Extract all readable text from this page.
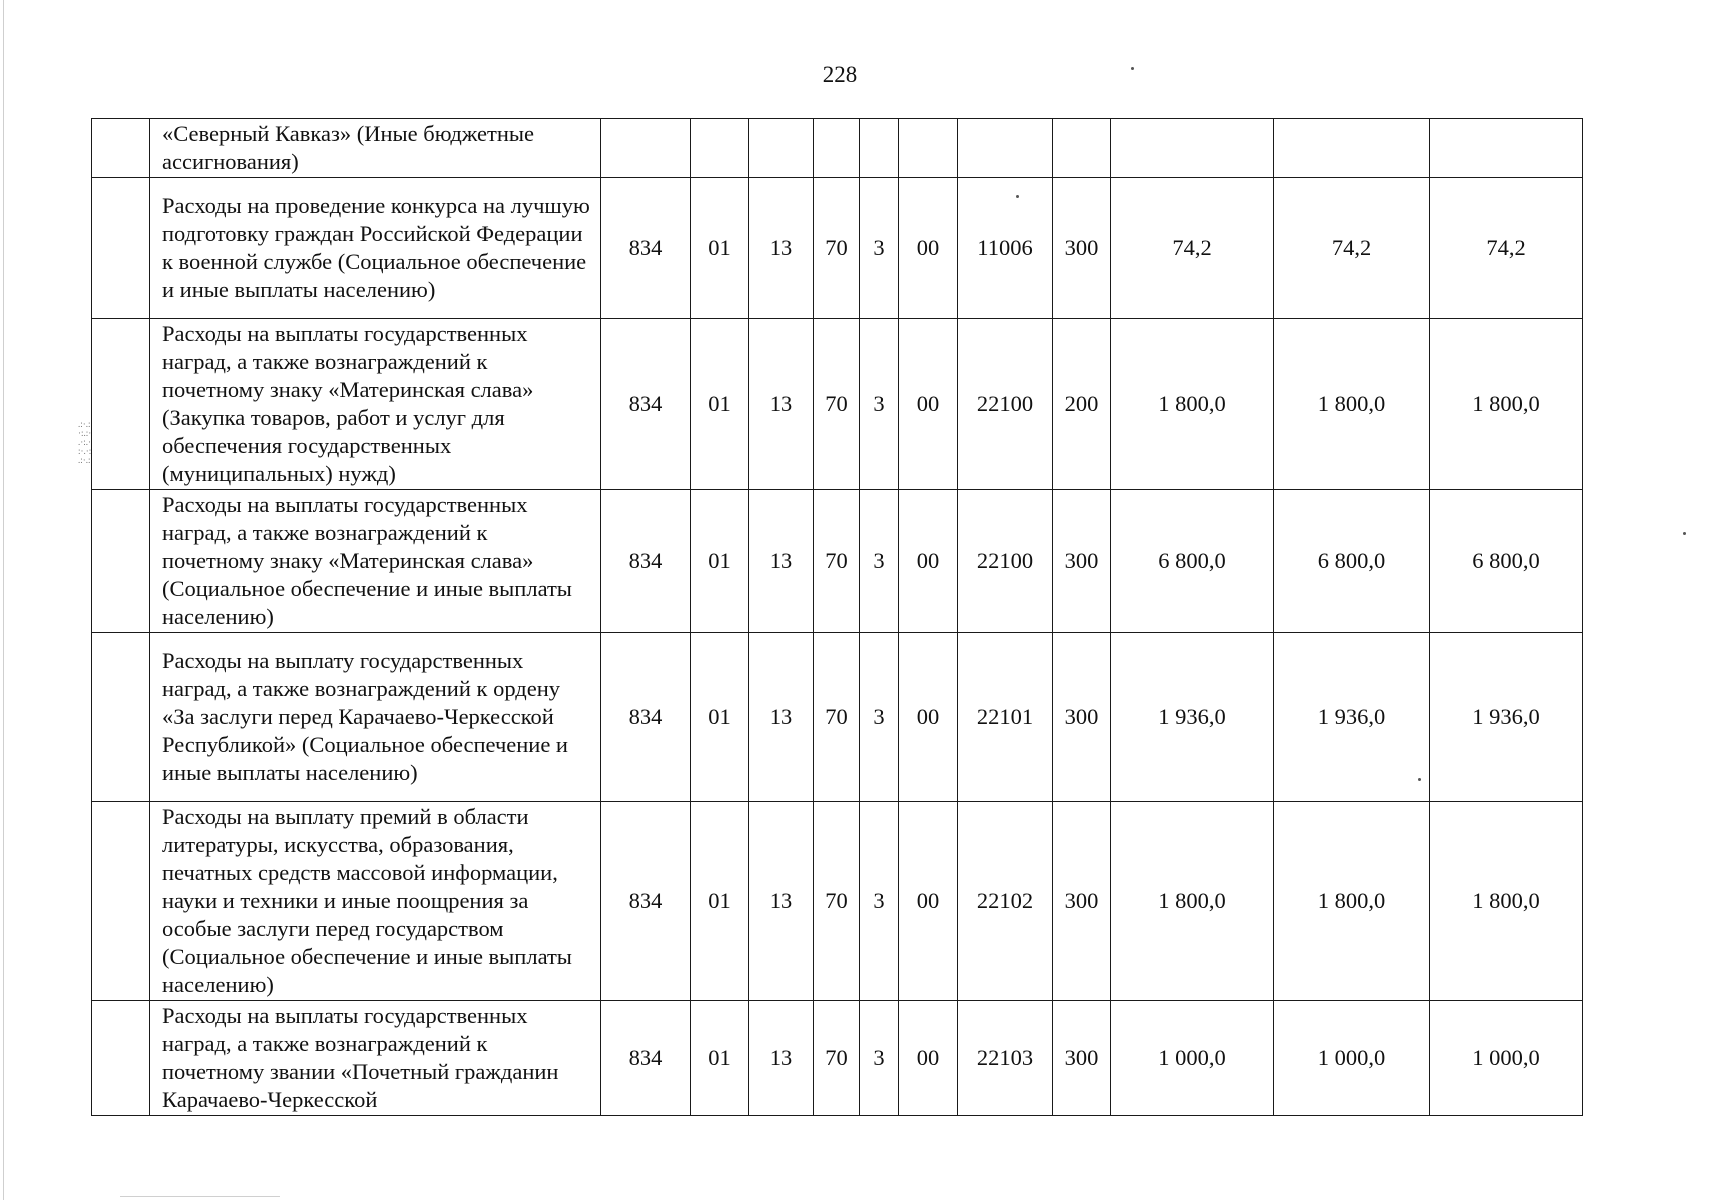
.:·.:
·:.:·
.·:.·
:·.·:
.:·.:
228
	«Северный Кавказ» (Иные бюджетные ассигнования)											
	Расходы на проведение конкурса на лучшую подготовку граждан Российской Федерации к военной службе (Социальное обеспечение и иные выплаты населению)	834	01	13	70	3	00	11006	300	74,2	74,2	74,2
	Расходы на выплаты государственных наград, а также вознаграждений к почетному знаку «Материнская слава» (Закупка товаров, работ и услуг для обеспечения государственных (муниципальных) нужд)	834	01	13	70	3	00	22100	200	1 800,0	1 800,0	1 800,0
	Расходы на выплаты государственных наград, а также вознаграждений к почетному знаку «Материнская слава» (Социальное обеспечение и иные выплаты населению)	834	01	13	70	3	00	22100	300	6 800,0	6 800,0	6 800,0
	Расходы на выплату государственных наград, а также вознаграждений к ордену «За заслуги перед Карачаево-Черкесской Республикой» (Социальное обеспечение и иные выплаты населению)	834	01	13	70	3	00	22101	300	1 936,0	1 936,0	1 936,0
	Расходы на выплату премий в области литературы, искусства, образования, печатных средств массовой информации, науки и техники и иные поощрения за особые заслуги перед государством (Социальное обеспечение и иные выплаты населению)	834	01	13	70	3	00	22102	300	1 800,0	1 800,0	1 800,0
	Расходы на выплаты государственных наград, а также вознаграждений к почетному звании «Почетный гражданин Карачаево-Черкесской	834	01	13	70	3	00	22103	300	1 000,0	1 000,0	1 000,0
